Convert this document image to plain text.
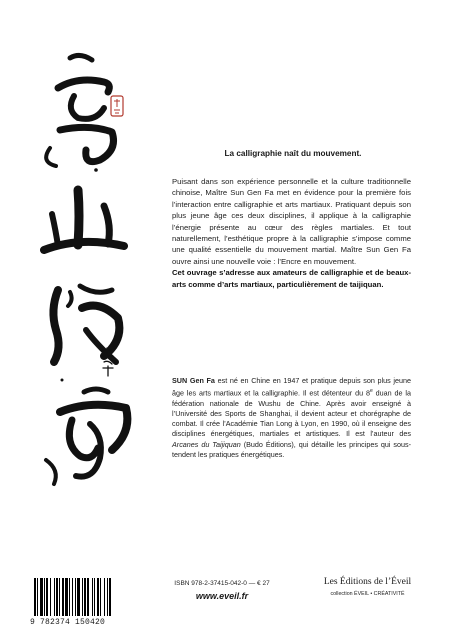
La calligraphie naît du mouvement.

Puisant dans son expérience personnelle et la culture traditionnelle chinoise, Maître Sun Gen Fa met en évidence pour la première fois l’interaction entre calligraphie et arts martiaux. Pratiquant depuis son plus jeune âge ces deux disciplines, il applique à la calligraphie l’énergie présente au cœur des règles martiales. Et tout naturellement, l’esthétique propre à la calligraphie s’impose comme une qualité essentielle du mouvement martial. Maître Sun Gen Fa ouvre ainsi une nouvelle voie : l’Encre en mouvement.

Cet ouvrage s’adresse aux amateurs de calligraphie et de beaux-arts comme d’arts martiaux, particulièrement de taijiquan.

SUN Gen Fa est né en Chine en 1947 et pratique depuis son plus jeune âge les arts martiaux et la calligraphie. Il est détenteur du 8e duan de la fédération nationale de Wushu de Chine. Après avoir enseigné à l’Université des Sports de Shanghai, il devient acteur et chorégraphe de combat. Il crée l’Académie Tian Long à Lyon, en 1990, où il enseigne des disciplines énergétiques, martiales et artistiques. Il est l’auteur des Arcanes du Taijiquan (Budo Éditions), qui détaille les principes qui sous-tendent les pratiques énergétiques.
9 782374 150420
ISBN 978-2-37415-042-0 — € 27
www.eveil.fr
Les Éditions de l’Éveil
collection ÉVEIL • CRÉATIVITÉ
